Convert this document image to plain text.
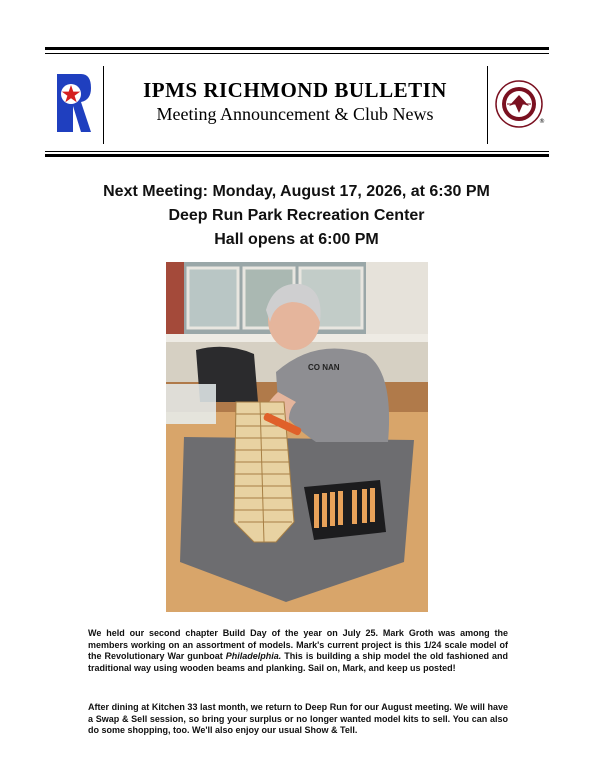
IPMS RICHMOND BULLETIN
Meeting Announcement & Club News	®
Next Meeting: Monday, August 17, 2026, at 6:30 PM
Deep Run Park Recreation Center
Hall opens at 6:00 PM
CO NAN
We held our second chapter Build Day of the year on July 25. Mark Groth was among the members working on an assortment of models. Mark's current project is this 1/24 scale model of the Revolutionary War gunboat Philadelphia. This is building a ship model the old fashioned and traditional way using wooden beams and planking. Sail on, Mark, and keep us posted!
After dining at Kitchen 33 last month, we return to Deep Run for our August meeting. We will have a Swap & Sell session, so bring your surplus or no longer wanted model kits to sell. You can also do some shopping, too. We'll also enjoy our usual Show & Tell.
